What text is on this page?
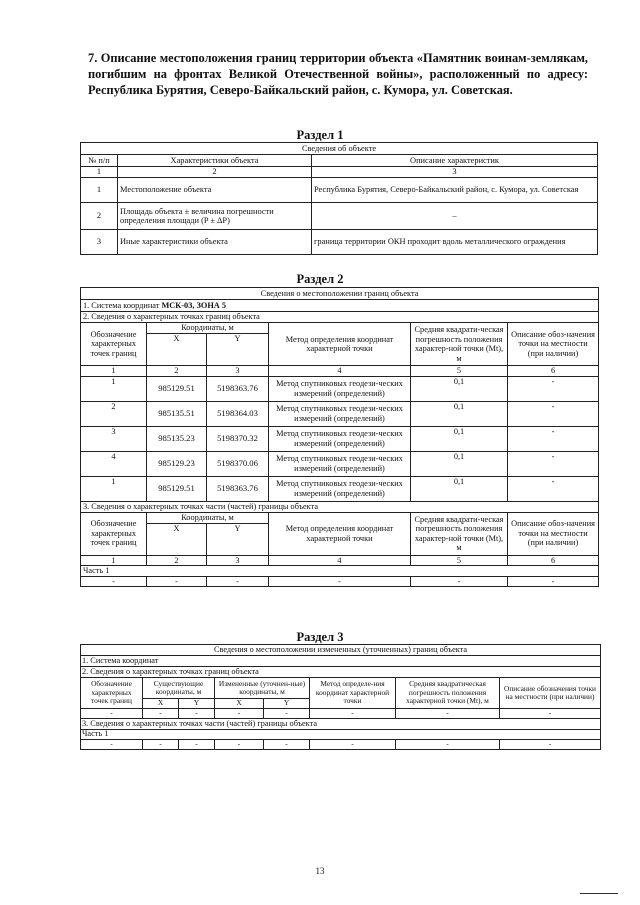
7. Описание местоположения границ территории объекта «Памятник воинам-землякам, погибшим на фронтах Великой Отечественной войны», расположенный по адресу: Республика Бурятия, Северо-Байкальский район, с. Кумора, ул. Советская.
Раздел 1
Сведения об объекте		
№ п/п	Характеристики объекта	Описание характеристик
1	2	3
1	Местоположение объекта	Республика Бурятия, Северо-Байкальский район, с. Кумора, ул. Советская
2	Площадь объекта ± величина погрешности определения площади (P ± ΔP)	–
3	Иные характеристики объекта	граница территории ОКН проходит вдоль металлического ограждения
Раздел 2
Сведения о местоположении границ объекта					
1. Система координат МСК-03, ЗОНА 5					
2. Сведения о характерных точках границ объекта					
Обозначение характерных точек границ	Координаты, м		Метод определения координат характерной точки	Средняя квадрати-ческая погрешность положения характер-ной точки (Mt), м	Описание обоз-начения точки на местности (при наличии)
	X	Y			
1	2	3	4	5	6
1	985129.51	5198363.76	Метод спутниковых геодези-ческих измерений (определений)	0,1	-
2	985135.51	5198364.03	Метод спутниковых геодези-ческих измерений (определений)	0,1	-
3	985135.23	5198370.32	Метод спутниковых геодези-ческих измерений (определений)	0,1	-
4	985129.23	5198370.06	Метод спутниковых геодези-ческих измерений (определений)	0,1	-
1	985129.51	5198363.76	Метод спутниковых геодези-ческих измерений (определений)	0,1	-
3. Сведения о характерных точках части (частей) границы объекта					
Обозначение характерных точек границ	Координаты, м		Метод определения координат характерной точки	Средняя квадрати-ческая погрешность положения характер-ной точки (Mt), м	Описание обоз-начения точки на местности (при наличии)
	X	Y			
1	2	3	4	5	6
Часть 1					
-	-	-	-	-	-
Раздел 3
Сведения о местоположении измененных (уточненных) границ объекта							
1. Система координат							
2. Сведения о характерных точках границ объекта							
Обозначение характерных точек границ	Существующие координаты, м		Измененные (уточнен-ные) координаты, м		Метод определе-ния координат характерной точки	Средняя квадратическая погрешность положения характерной точки (Mt), м	Описание обозначения точки на местности (при наличии)
	X	Y	X	Y			
-	-	-	-	-	-	-	-
3. Сведения о характерных точках части (частей) границы объекта							
Часть 1							
-	-	-	-	-	-	-	-
13
